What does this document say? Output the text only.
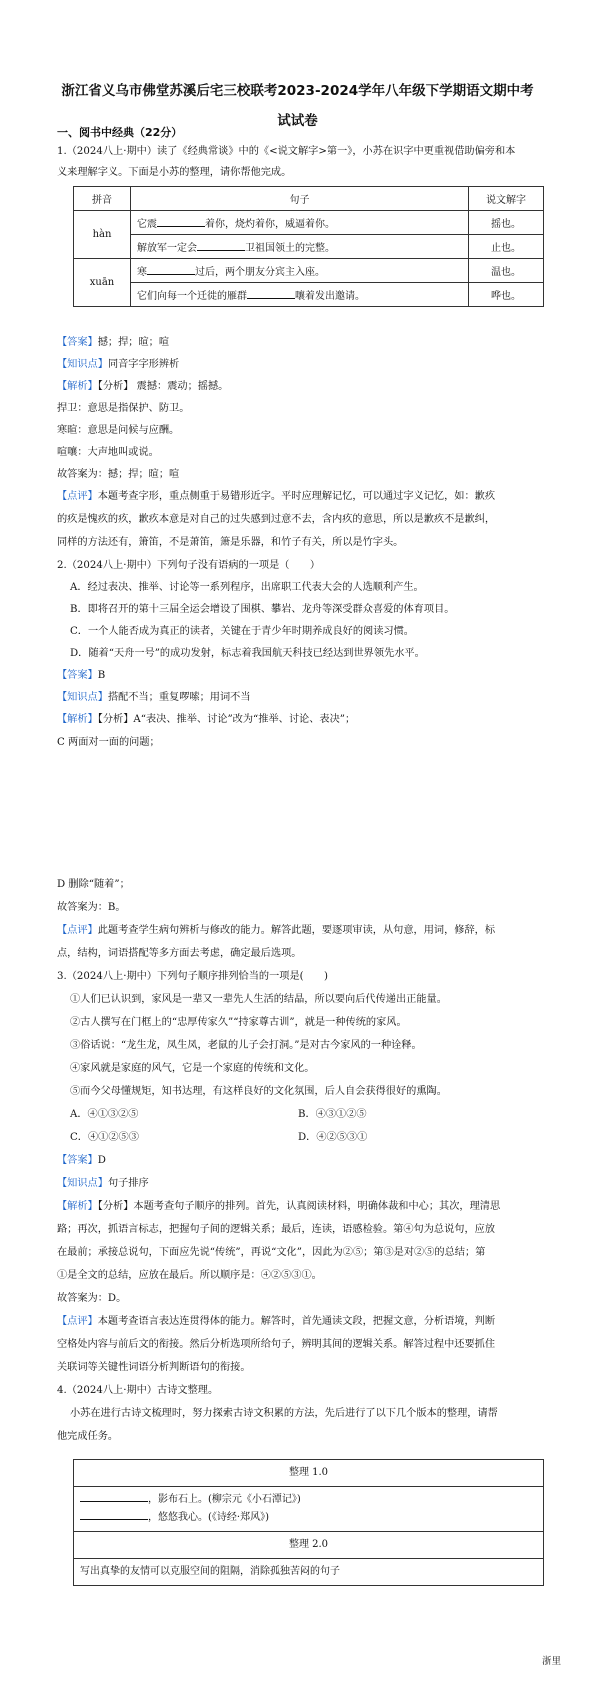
浙江省义乌市佛堂苏溪后宅三校联考2023-2024学年八年级下学期语文期中考
试试卷
一、阅书中经典（22分）
1.（2024八上·期中）读了《经典常谈》中的《<说文解字>第一》，小苏在识字中更重视借助偏旁和本
义来理解字义。下面是小苏的整理，请你帮他完成。
拼音	句子	说文解字
hàn	它震 着你，烧灼着你，威逼着你。	摇也。
	解放军一定会 卫祖国领土的完整。	止也。
xuān	寒 过后，两个朋友分宾主入座。	温也。
	它们向每一个迁徙的雁群 嚷着发出邀请。	哗也。
【答案】撼；捍；暄；喧
【知识点】同音字字形辨析
【解析】【分析】 震撼：震动；摇撼。
捍卫：意思是指保护、防卫。
寒暄：意思是问候与应酬。
喧嚷：大声地叫或说。
故答案为：撼；捍；暄；喧
【点评】本题考查字形，重点侧重于易错形近字。平时应理解记忆，可以通过字义记忆，如：歉疚
的疚是愧疚的疚，歉疚本意是对自己的过失感到过意不去，含内疚的意思，所以是歉疚不是歉纠，
同样的方法还有，箫笛，不是萧笛，箫是乐器，和竹子有关，所以是竹字头。
2.（2024八上·期中）下列句子没有语病的一项是（　　）
A．经过表决、推举、讨论等一系列程序，出席职工代表大会的人选顺利产生。
B．即将召开的第十三届全运会增设了围棋、攀岩、龙舟等深受群众喜爱的体育项目。
C．一个人能否成为真正的读者，关键在于青少年时期养成良好的阅读习惯。
D．随着“天舟一号”的成功发射，标志着我国航天科技已经达到世界领先水平。
【答案】B
【知识点】搭配不当；重复啰嗦；用词不当
【解析】【分析】A“表决、推举、讨论”改为“推举、讨论、表决”；
C 两面对一面的问题；
D 删除“随着”；
故答案为：B。
【点评】此题考查学生病句辨析与修改的能力。解答此题，要逐项审读，从句意，用词，修辞，标
点，结构，词语搭配等多方面去考虑，确定最后选项。
3.（2024八上·期中）下列句子顺序排列恰当的一项是(　　)
①人们已认识到，家风是一辈又一辈先人生活的结晶，所以要向后代传递出正能量。
②古人撰写在门框上的“忠厚传家久”“持家尊古训”，就是一种传统的家风。
③俗话说：“龙生龙，凤生凤，老鼠的儿子会打洞。”是对古今家风的一种诠释。
④家风就是家庭的风气，它是一个家庭的传统和文化。
⑤而今父母懂规矩，知书达理，有这样良好的文化氛围，后人自会获得很好的熏陶。
A．④①③②⑤	B．④③①②⑤
C．④①②⑤③	D．④②⑤③①
【答案】D
【知识点】句子排序
【解析】【分析】本题考查句子顺序的排列。首先，认真阅读材料，明确体裁和中心；其次，理清思
路；再次，抓语言标志，把握句子间的逻辑关系；最后，连读，语感检验。第④句为总说句，应放
在最前；承接总说句，下面应先说“传统”，再说“文化”，因此为②⑤；第③是对②⑤的总结；第
①是全文的总结，应放在最后。所以顺序是：④②⑤③①。
故答案为：D。
【点评】本题考查语言表达连贯得体的能力。解答时，首先通读文段，把握文意，分析语境，判断
空格处内容与前后文的衔接。然后分析选项所给句子，辨明其间的逻辑关系。解答过程中还要抓住
关联词等关键性词语分析判断语句的衔接。
4.（2024八上·期中）古诗文整理。
小苏在进行古诗文梳理时，努力探索古诗文积累的方法，先后进行了以下几个版本的整理，请帮
他完成任务。
整理 1.0

，影布石上。(柳宗元《小石潭记》)
，悠悠我心。(《诗经·郑风》)

整理 2.0
写出真挚的友情可以克服空间的阻隔，消除孤独苦闷的句子
浙里
